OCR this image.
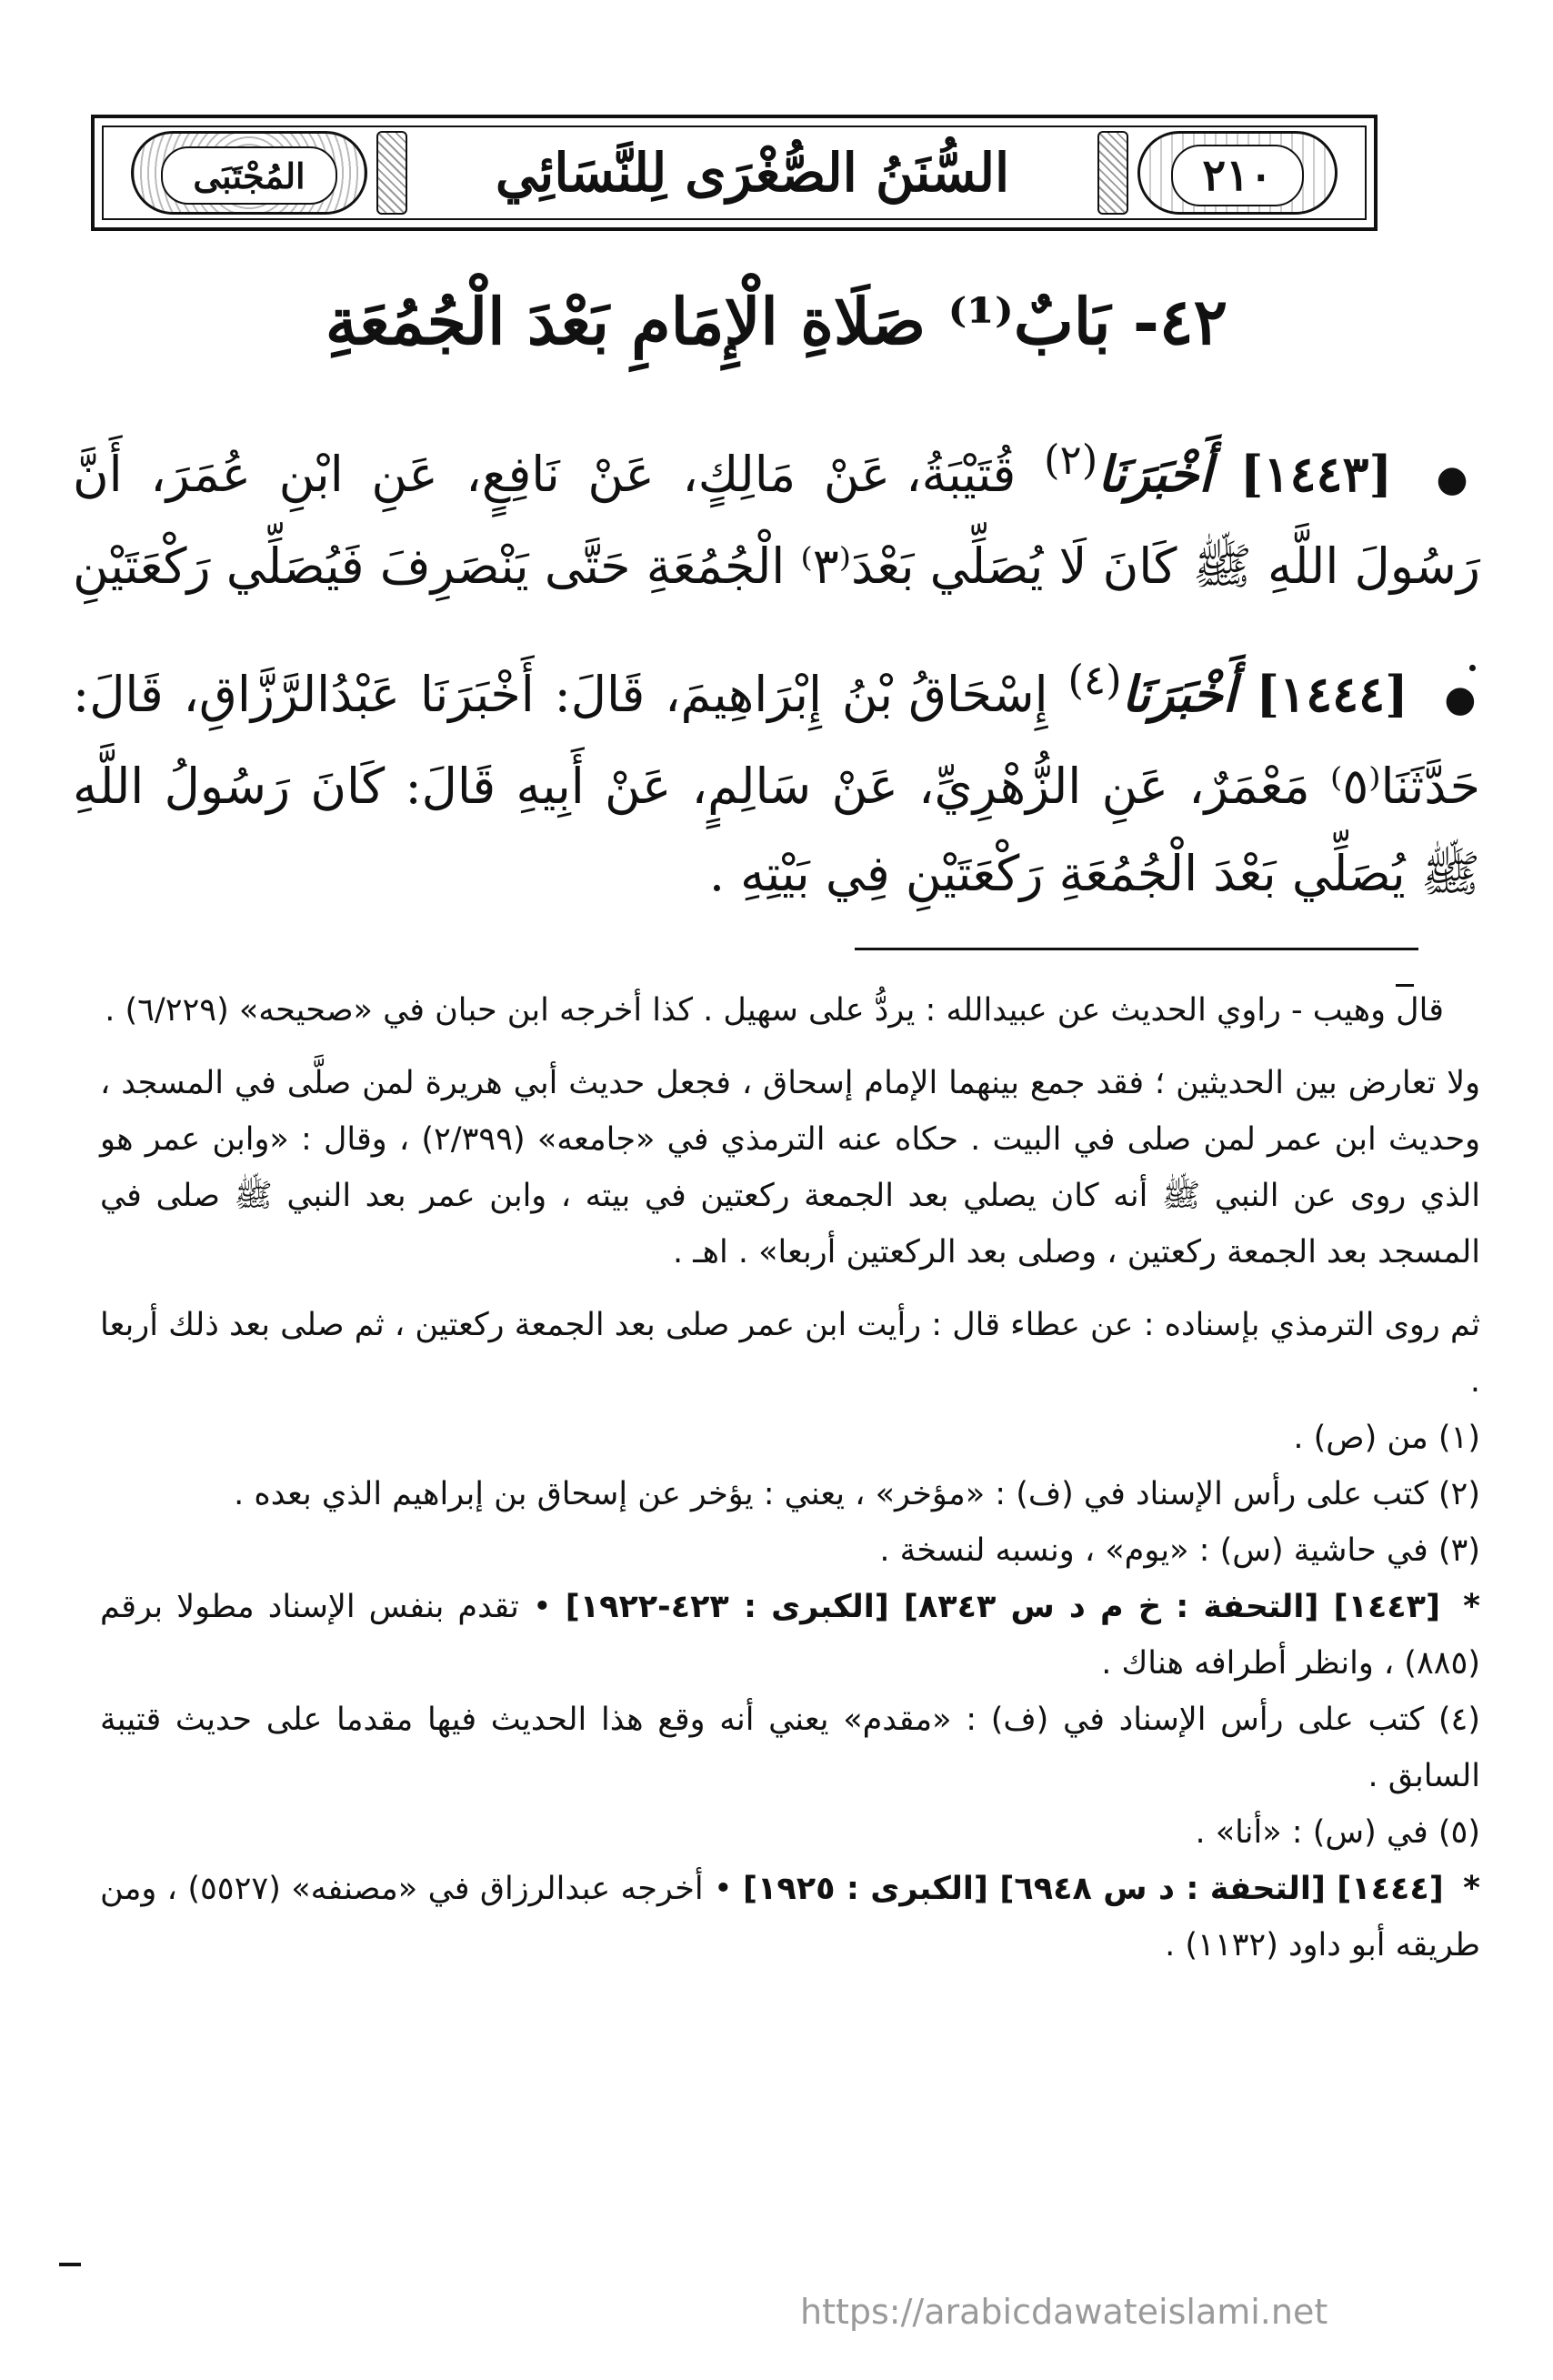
المُجْتَبَى	السُّنَنُ الصُّغْرَى لِلنَّسَائِي	٢١٠
٤٢- بَابٌ⁽¹⁾ صَلَاةِ الْإِمَامِ بَعْدَ الْجُمُعَةِ
● [١٤٤٣] أَخْبَرَنَا$^{(٢)}$ قُتَيْبَةُ، عَنْ مَالِكٍ، عَنْ نَافِعٍ، عَنِ ابْنِ عُمَرَ، أَنَّ رَسُولَ اللَّهِ ﷺ كَانَ لَا يُصَلِّي بَعْدَ⁽٣⁾ الْجُمُعَةِ حَتَّى يَنْصَرِفَ فَيُصَلِّي رَكْعَتَيْنِ .
● [١٤٤٤] أَخْبَرَنَا$^{(٤)}$ إِسْحَاقُ بْنُ إِبْرَاهِيمَ، قَالَ: أَخْبَرَنَا عَبْدُالرَّزَّاقِ، قَالَ: حَدَّثَنَا⁽٥⁾ مَعْمَرٌ، عَنِ الزُّهْرِيِّ، عَنْ سَالِمٍ، عَنْ أَبِيهِ قَالَ: كَانَ رَسُولُ اللَّهِ ﷺ يُصَلِّي بَعْدَ الْجُمُعَةِ رَكْعَتَيْنِ فِي بَيْتِهِ .

قال وهيب - راوي الحديث عن عبيدالله : يردُّ على سهيل . كذا أخرجه ابن حبان في «صحيحه» (٦/٢٢٩) .

ولا تعارض بين الحديثين ؛ فقد جمع بينهما الإمام إسحاق ، فجعل حديث أبي هريرة لمن صلَّى في المسجد ، وحديث ابن عمر لمن صلى في البيت . حكاه عنه الترمذي في «جامعه» (٢/٣٩٩) ، وقال : «وابن عمر هو الذي روى عن النبي ﷺ أنه كان يصلي بعد الجمعة ركعتين في بيته ، وابن عمر بعد النبي ﷺ صلى في المسجد بعد الجمعة ركعتين ، وصلى بعد الركعتين أربعا» . اهـ .

ثم روى الترمذي بإسناده : عن عطاء قال : رأيت ابن عمر صلى بعد الجمعة ركعتين ، ثم صلى بعد ذلك أربعا .

(١) من (ص) .

(٢) كتب على رأس الإسناد في (ف) : «مؤخر» ، يعني : يؤخر عن إسحاق بن إبراهيم الذي بعده .

(٣) في حاشية (س) : «يوم» ، ونسبه لنسخة .

* [١٤٤٣] [التحفة : خ م د س ٨٣٤٣] [الكبرى : ٤٢٣-١٩٢٢] • تقدم بنفس الإسناد مطولا برقم (٨٨٥) ، وانظر أطرافه هناك .

(٤) كتب على رأس الإسناد في (ف) : «مقدم» يعني أنه وقع هذا الحديث فيها مقدما على حديث قتيبة السابق .

(٥) في (س) : «أنا» .

* [١٤٤٤] [التحفة : د س ٦٩٤٨] [الكبرى : ١٩٢٥] • أخرجه عبدالرزاق في «مصنفه» (٥٥٢٧) ، ومن طريقه أبو داود (١١٣٢) .

https://arabicdawateislami.net
